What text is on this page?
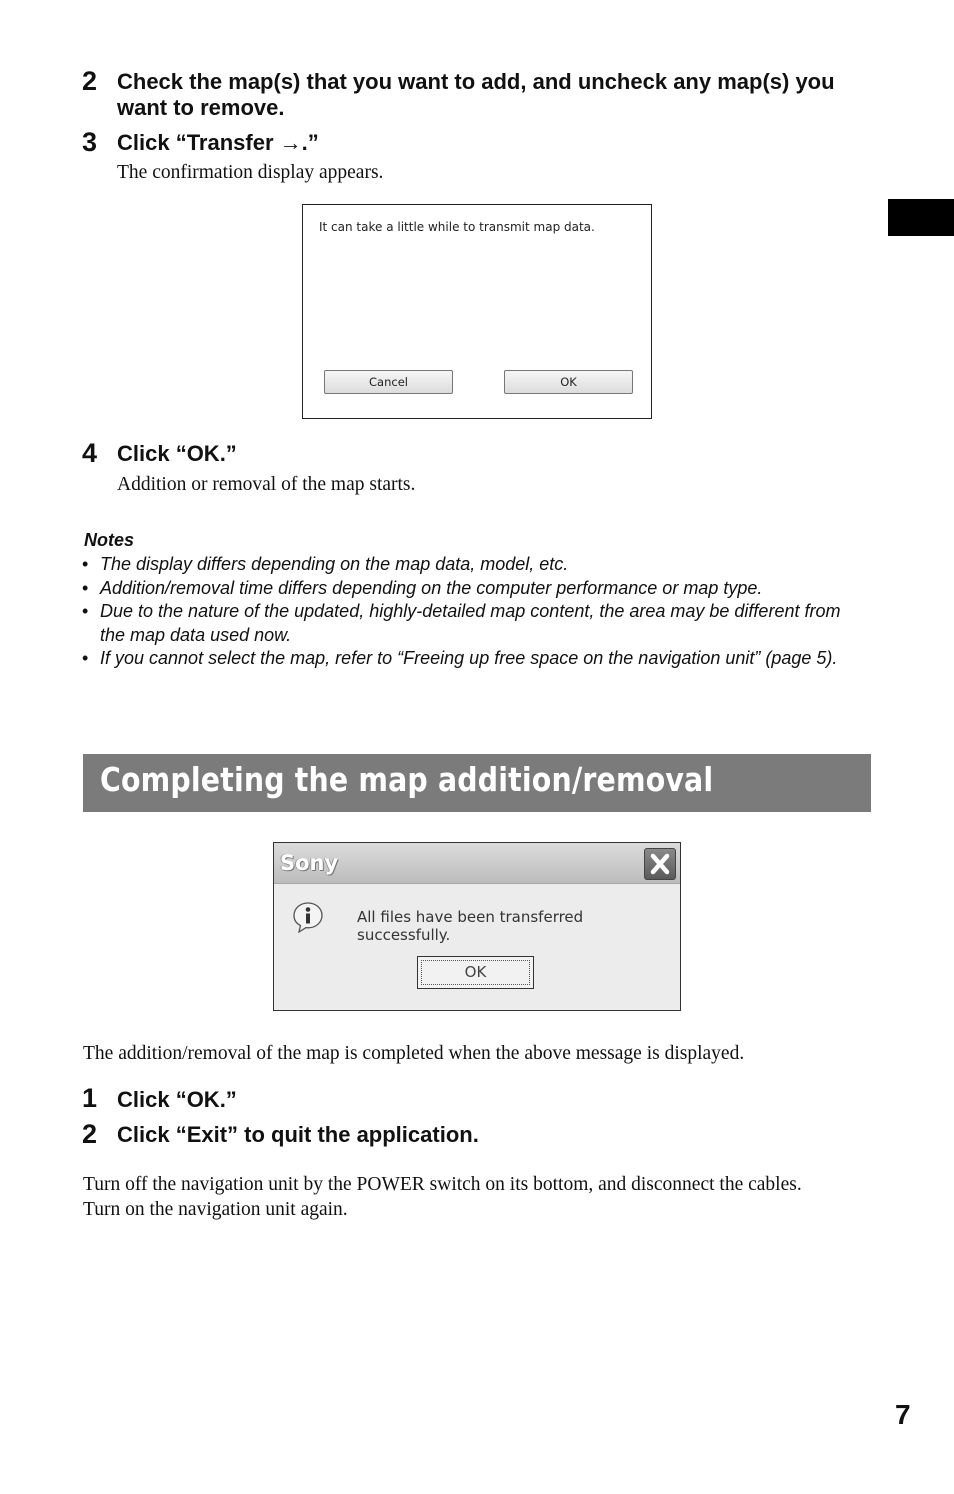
2 Check the map(s) that you want to add, and uncheck any map(s) you want to remove.
3 Click “Transfer →.”
The confirmation display appears.
It can take a little while to transmit map data.
Cancel	OK
4 Click “OK.”
Addition or removal of the map starts.
Notes
• The display differs depending on the map data, model, etc.
• Addition/removal time differs depending on the computer performance or map type.
• Due to the nature of the updated, highly-detailed map content, the area may be different from the map data used now.
• If you cannot select the map, refer to “Freeing up free space on the navigation unit” (page 5).
Completing the map addition/removal
Sony
All files have been transferred successfully.
OK
The addition/removal of the map is completed when the above message is displayed.
1 Click “OK.”
2 Click “Exit” to quit the application.
Turn off the navigation unit by the POWER switch on its bottom, and disconnect the cables. Turn on the navigation unit again.
7
